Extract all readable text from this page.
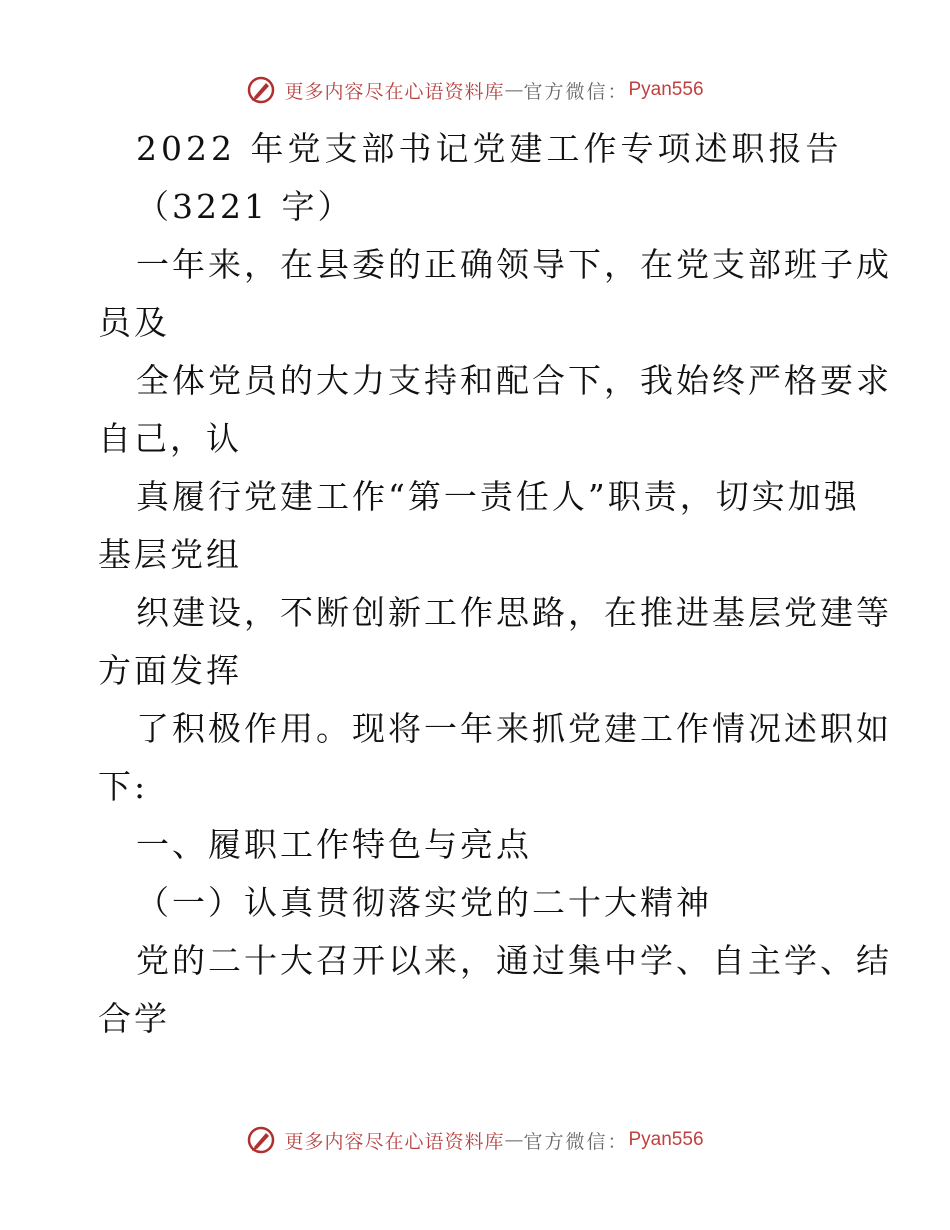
更多内容尽在心语资料库 — 官方微信： Pyan556
2022 年党支部书记党建工作专项述职报告
（3221 字）
一年来，在县委的正确领导下，在党支部班子成
员及
全体党员的大力支持和配合下，我始终严格要求
自己，认
真履行党建工作“第一责任人”职责，切实加强
基层党组
织建设，不断创新工作思路，在推进基层党建等
方面发挥
了积极作用。现将一年来抓党建工作情况述职如
下:
一、履职工作特色与亮点
（一）认真贯彻落实党的二十大精神
党的二十大召开以来，通过集中学、自主学、结
合学
更多内容尽在心语资料库 — 官方微信： Pyan556
